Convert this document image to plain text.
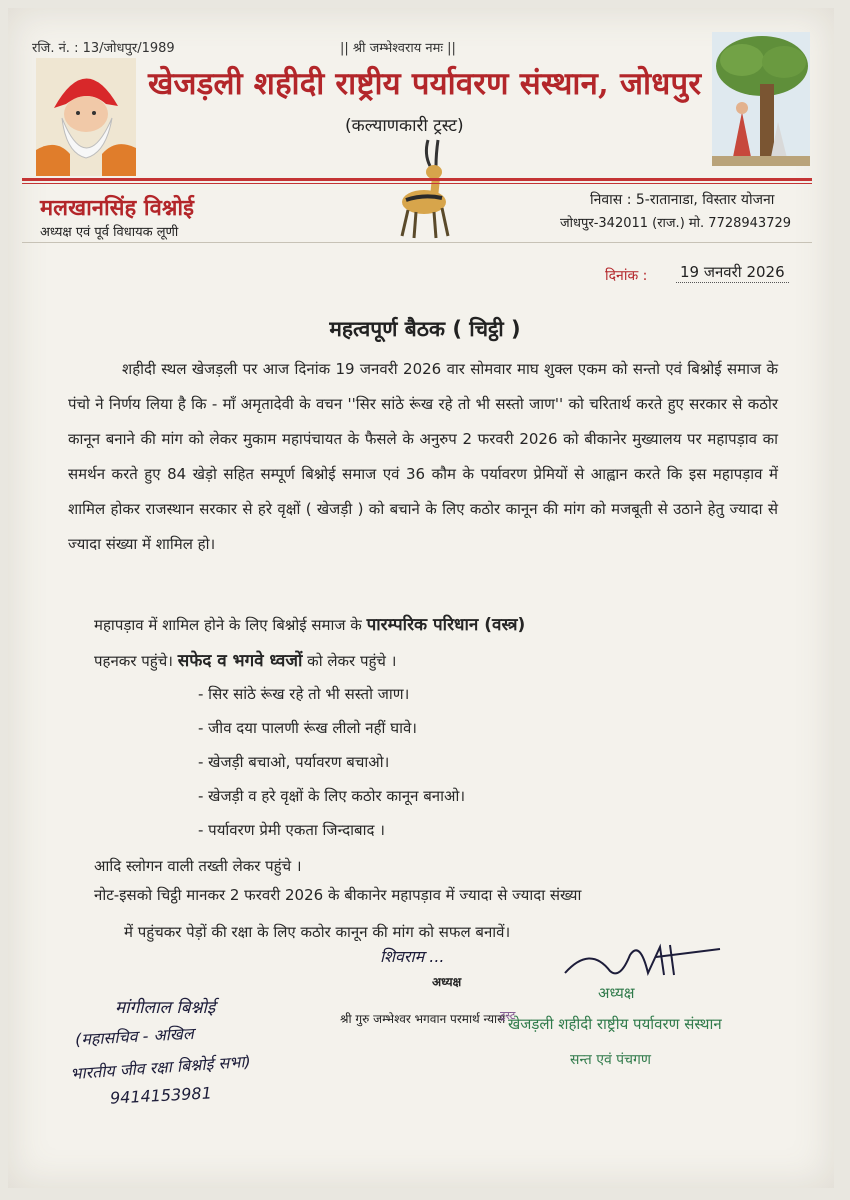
रजि. नं. : 13/जोधपुर/1989	|| श्री जम्भेश्वराय नमः ||
खेजड़ली शहीदी राष्ट्रीय पर्यावरण संस्थान, जोधपुर
(कल्याणकारी ट्रस्ट)
मलखानसिंह विश्नोई
अध्यक्ष एवं पूर्व विधायक लूणी
निवास : 5-रातानाडा, विस्तार योजना
जोधपुर-342011 (राज.) मो. 7728943729
दिनांक : 19 जनवरी 2026
महत्वपूर्ण बैठक ( चिट्ठी )
शहीदी स्थल खेजड़ली पर आज दिनांक 19 जनवरी 2026 वार सोमवार माघ शुक्ल एकम को सन्तो एवं बिश्नोई समाज के पंचो ने निर्णय लिया है कि - माँ अमृतादेवी के वचन ''सिर सांठे रूंख रहे तो भी सस्तो जाण'' को चरितार्थ करते हुए सरकार से कठोर कानून बनाने की मांग को लेकर मुकाम महापंचायत के फैसले के अनुरुप 2 फरवरी 2026 को बीकानेर मुख्यालय पर महापड़ाव का समर्थन करते हुए 84 खेड़ो सहित सम्पूर्ण बिश्नोई समाज एवं 36 कौम के पर्यावरण प्रेमियों से आह्वान करते कि इस महापड़ाव में शामिल होकर राजस्थान सरकार से हरे वृक्षों ( खेजड़ी ) को बचाने के लिए कठोर कानून की मांग को मजबूती से उठाने हेतु ज्यादा से ज्यादा संख्या में शामिल हो।
महापड़ाव में शामिल होने के लिए बिश्नोई समाज के पारम्परिक परिधान (वस्त्र)
पहनकर पहुंचे। सफेद व भगवे ध्वजों को लेकर पहुंचे ।
- सिर सांठे रूंख रहे तो भी सस्तो जाण।
- जीव दया पालणी रूंख लीलो नहीं घावे।
- खेजड़ी बचाओ, पर्यावरण बचाओ।
- खेजड़ी व हरे वृक्षों के लिए कठोर कानून बनाओ।
- पर्यावरण प्रेमी एकता जिन्दाबाद ।
आदि स्लोगन वाली तख्ती लेकर पहुंचे ।
नोट-इसको चिट्ठी मानकर 2 फरवरी 2026 के बीकानेर महापड़ाव में ज्यादा से ज्यादा संख्या
में पहुंचकर पेड़ों की रक्षा के लिए कठोर कानून की मांग को सफल बनावें।
शिवराम ...
अध्यक्ष
अध्यक्ष
श्री गुरु जम्भेश्वर भगवान परमार्थ न्यास
ट्रस्ट
खेजड़ली शहीदी राष्ट्रीय पर्यावरण संस्थान
सन्त एवं पंचगण
मांगीलाल बिश्नोई
(महासचिव - अखिल
भारतीय जीव रक्षा बिश्नोई सभा)
9414153981
